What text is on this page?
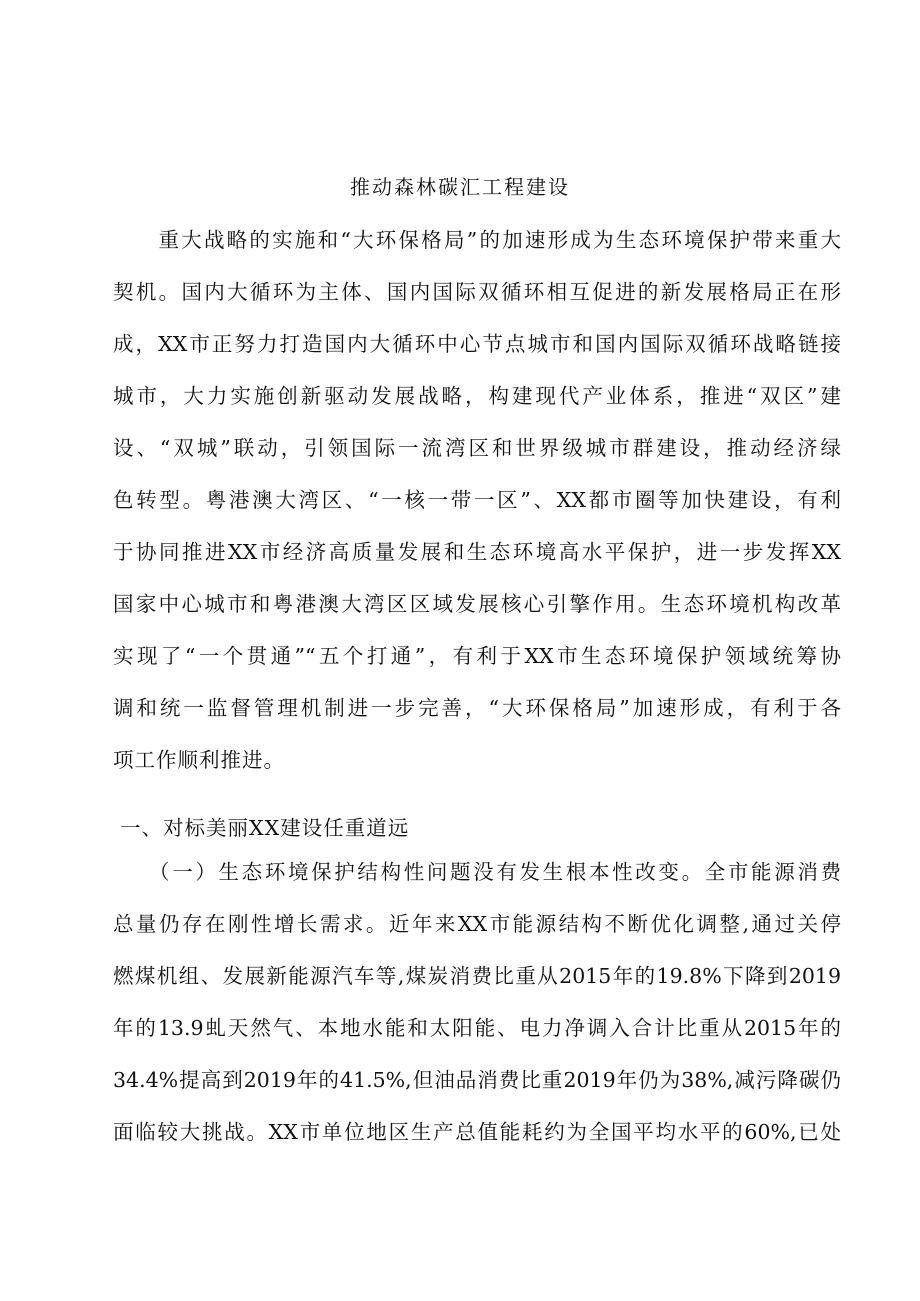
推动森林碳汇工程建设
　　重大战略的实施和“大环保格局”的加速形成为生态环境保护带来重大
契机。国内大循环为主体、国内国际双循环相互促进的新发展格局正在形
成，XX市正努力打造国内大循环中心节点城市和国内国际双循环战略链接
城市，大力实施创新驱动发展战略，构建现代产业体系，推进“双区”建
设、“双城”联动，引领国际一流湾区和世界级城市群建设，推动经济绿
色转型。粤港澳大湾区、“一核一带一区”、XX都市圈等加快建设，有利
于协同推进XX市经济高质量发展和生态环境高水平保护，进一步发挥XX
国家中心城市和粤港澳大湾区区域发展核心引擎作用。生态环境机构改革
实现了“一个贯通”“五个打通”，有利于XX市生态环境保护领域统筹协
调和统一监督管理机制进一步完善，“大环保格局”加速形成，有利于各
项工作顺利推进。
一、对标美丽XX建设任重道远
　　（一）生态环境保护结构性问题没有发生根本性改变。全市能源消费
总量仍存在刚性增长需求。近年来XX市能源结构不断优化调整,通过关停
燃煤机组、发展新能源汽车等,煤炭消费比重从2015年的19.8%下降到2019
年的13.9虬天然气、本地水能和太阳能、电力净调入合计比重从2015年的
34.4%提高到2019年的41.5%,但油品消费比重2019年仍为38%,减污降碳仍
面临较大挑战。XX市单位地区生产总值能耗约为全国平均水平的60%,已处
